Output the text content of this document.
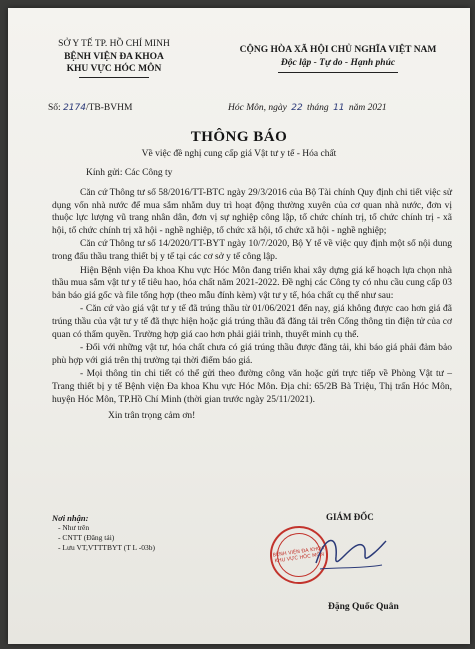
SỞ Y TẾ TP. HỒ CHÍ MINH
BỆNH VIỆN ĐA KHOA
KHU VỰC HÓC MÔN
CỘNG HÒA XÃ HỘI CHỦ NGHĨA VIỆT NAM
Độc lập - Tự do - Hạnh phúc
Số: 2174/TB-BVHM	Hóc Môn, ngày 22 tháng 11 năm 2021
THÔNG BÁO
Về việc đề nghị cung cấp giá Vật tư y tế - Hóa chất
Kính gửi: Các Công ty

Căn cứ Thông tư số 58/2016/TT-BTC ngày 29/3/2016 của Bộ Tài chính Quy định chi tiết việc sử dụng vốn nhà nước để mua sắm nhằm duy trì hoạt động thường xuyên của cơ quan nhà nước, đơn vị thuộc lực lượng vũ trang nhân dân, đơn vị sự nghiệp công lập, tổ chức chính trị, tổ chức chính trị - xã hội, tổ chức chính trị xã hội - nghề nghiệp, tổ chức xã hội, tổ chức xã hội - nghề nghiệp;

Căn cứ Thông tư số 14/2020/TT-BYT ngày 10/7/2020, Bộ Y tế về việc quy định một số nội dung trong đấu thầu trang thiết bị y tế tại các cơ sở y tế công lập.

Hiện Bệnh viện Đa khoa Khu vực Hóc Môn đang triển khai xây dựng giá kế hoạch lựa chọn nhà thầu mua sắm vật tư y tế tiêu hao, hóa chất năm 2021-2022. Đề nghị các Công ty có nhu cầu cung cấp 03 bản báo giá gốc và file tổng hợp (theo mẫu đính kèm) vật tư y tế, hóa chất cụ thể như sau:

- Căn cứ vào giá vật tư y tế đã trúng thầu từ 01/06/2021 đến nay, giá không được cao hơn giá đã trúng thầu của vật tư y tế đã thực hiện hoặc giá trúng thầu đã đăng tải trên Cổng thông tin điện tử của cơ quan có thẩm quyền. Trường hợp giá cao hơn phải giải trình, thuyết minh cụ thể.

- Đối với những vật tư, hóa chất chưa có giá trúng thầu được đăng tải, khi báo giá phải đảm bảo phù hợp với giá trên thị trường tại thời điểm báo giá.

- Mọi thông tin chi tiết có thể gửi theo đường công văn hoặc gửi trực tiếp về Phòng Vật tư – Trang thiết bị y tế Bệnh viện Đa khoa Khu vực Hóc Môn. Địa chỉ: 65/2B Bà Triệu, Thị trấn Hóc Môn, huyện Hóc Môn, TP.Hồ Chí Minh (thời gian trước ngày 25/11/2021).

Xin trân trọng cảm ơn!

Nơi nhận:
- Như trên
- CNTT (Đăng tải)
- Lưu VT,VTTTBYT (T L -03b)
GIÁM ĐỐC
BỆNH VIỆN ĐA KHOA KHU VỰC HÓC MÔN
Đặng Quốc Quân
